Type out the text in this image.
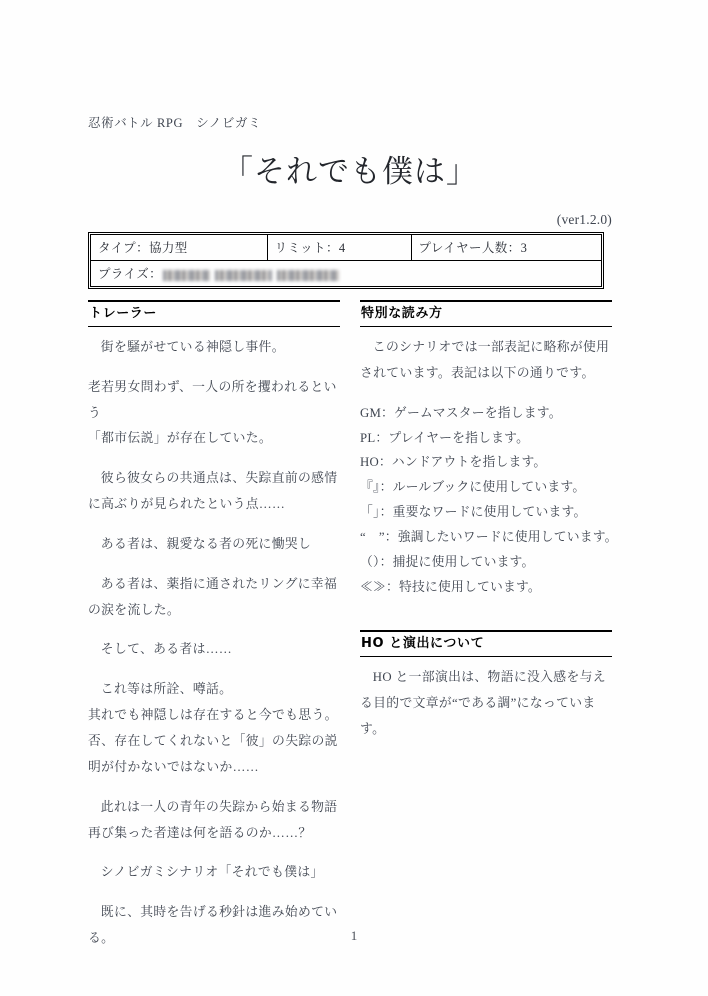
忍術バトル RPG　シノビガミ
「それでも僕は」
(ver1.2.0)
タイプ：協力型	リミット：4	プレイヤー人数：3
プライズ：
トレーラー

街を騒がせている神隠し事件。

老若男女問わず、一人の所を攫われるという

「都市伝説」が存在していた。

彼ら彼女らの共通点は、失踪直前の感情に高ぶりが見られたという点……

ある者は、親愛なる者の死に慟哭し

ある者は、薬指に通されたリングに幸福の涙を流した。

そして、ある者は……

これ等は所詮、噂話。

其れでも神隠しは存在すると今でも思う。

否、存在してくれないと「彼」の失踪の説明が付かないではないか……

此れは一人の青年の失踪から始まる物語

再び集った者達は何を語るのか……？

シノビガミシナリオ「それでも僕は」

既に、其時を告げる秒針は進み始めている。

特別な読み方

このシナリオでは一部表記に略称が使用されています。表記は以下の通りです。

GM：ゲームマスターを指します。
PL：プレイヤーを指します。
HO：ハンドアウトを指します。
『』：ルールブックに使用しています。
「」：重要なワードに使用しています。
“　”：強調したいワードに使用しています。
（）：捕捉に使用しています。
≪≫：特技に使用しています。
HO と演出について

HO と一部演出は、物語に没入感を与える目的で文章が“である調”になっています。

1
